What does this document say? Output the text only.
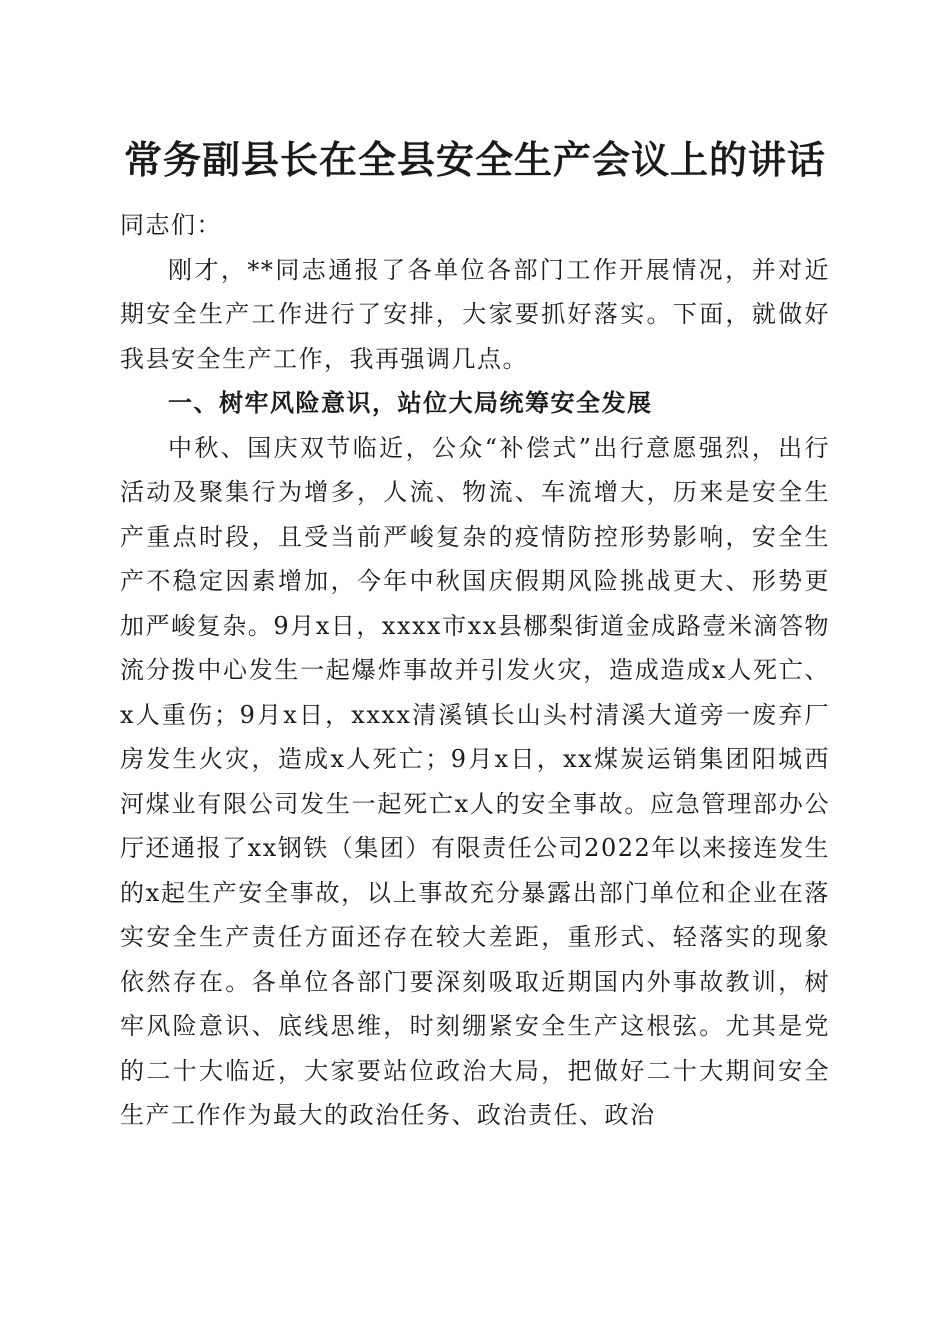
常务副县长在全县安全生产会议上的讲话

同志们：

刚才，**同志通报了各单位各部门工作开展情况，并对近期安全生产工作进行了安排，大家要抓好落实。下面，就做好我县安全生产工作，我再强调几点。

一、树牢风险意识，站位大局统筹安全发展

中秋、国庆双节临近，公众“补偿式”出行意愿强烈，出行活动及聚集行为增多，人流、物流、车流增大，历来是安全生产重点时段，且受当前严峻复杂的疫情防控形势影响，安全生产不稳定因素增加，今年中秋国庆假期风险挑战更大、形势更加严峻复杂。9月x日，xxxx市xx县梛梨街道金成路壹米滴答物流分拨中心发生一起爆炸事故并引发火灾，造成造成x人死亡、x人重伤；9月x日，xxxx清溪镇长山头村清溪大道旁一废弃厂房发生火灾，造成x人死亡；9月x日，xx煤炭运销集团阳城西河煤业有限公司发生一起死亡x人的安全事故。应急管理部办公厅还通报了xx钢铁（集团）有限责任公司2022年以来接连发生的x起生产安全事故，以上事故充分暴露出部门单位和企业在落实安全生产责任方面还存在较大差距，重形式、轻落实的现象依然存在。各单位各部门要深刻吸取近期国内外事故教训，树牢风险意识、底线思维，时刻绷紧安全生产这根弦。尤其是党的二十大临近，大家要站位政治大局，把做好二十大期间安全生产工作作为最大的政治任务、政治责任、政治
